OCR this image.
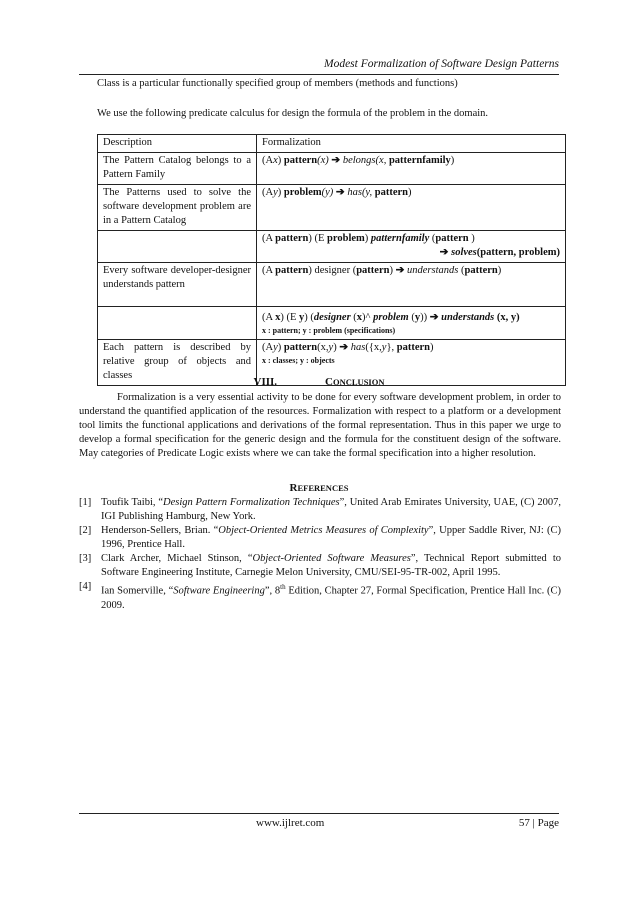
Modest Formalization of Software Design Patterns
Class is a particular functionally specified group of members (methods and functions)
We use the following predicate calculus for design the formula of the problem in the domain.
Description	Formalization
The Pattern Catalog belongs to a Pattern Family	(Ax) pattern(x) ➔ belongs(x, patternfamily)
The Patterns used to solve the software development problem are in a Pattern Catalog	(Ay) problem(y) ➔ has(y, pattern)
	(A pattern) (E problem) patternfamily (pattern )
➔ solves(pattern, problem)

Every software developer-designer understands pattern	(A pattern) designer (pattern) ➔ understands (pattern)
	(A x) (E y) (designer (x)^ problem (y)) ➔ understands (x, y)
x : pattern; y : problem (specifications)

Each pattern is described by relative group of objects and classes	(Ay) pattern(x,y) ➔ has({x,y}, pattern)
x : classes; y : objects
VIII.	CONCLUSION
Formalization is a very essential activity to be done for every software development problem, in order to understand the quantified application of the resources. Formalization with respect to a platform or a development tool limits the functional applications and derivations of the formal representation. Thus in this paper we urge to develop a formal specification for the generic design and the formula for the constituent design of the software. May categories of Predicate Logic exists where we can take the formal specification into a higher resolution.
REFERENCES
[1] Toufik Taibi, “Design Pattern Formalization Techniques”, United Arab Emirates University, UAE, (C) 2007, IGI Publishing Hamburg, New York.
[2] Henderson-Sellers, Brian. “Object-Oriented Metrics Measures of Complexity”, Upper Saddle River, NJ: (C) 1996, Prentice Hall.
[3] Clark Archer, Michael Stinson, “Object-Oriented Software Measures”, Technical Report submitted to Software Engineering Institute, Carnegie Melon University, CMU/SEI-95-TR-002, April 1995.
[4] Ian Somerville, “Software Engineering”, 8th Edition, Chapter 27, Formal Specification, Prentice Hall Inc. (C) 2009.
www.ijlret.com	57 | Page
